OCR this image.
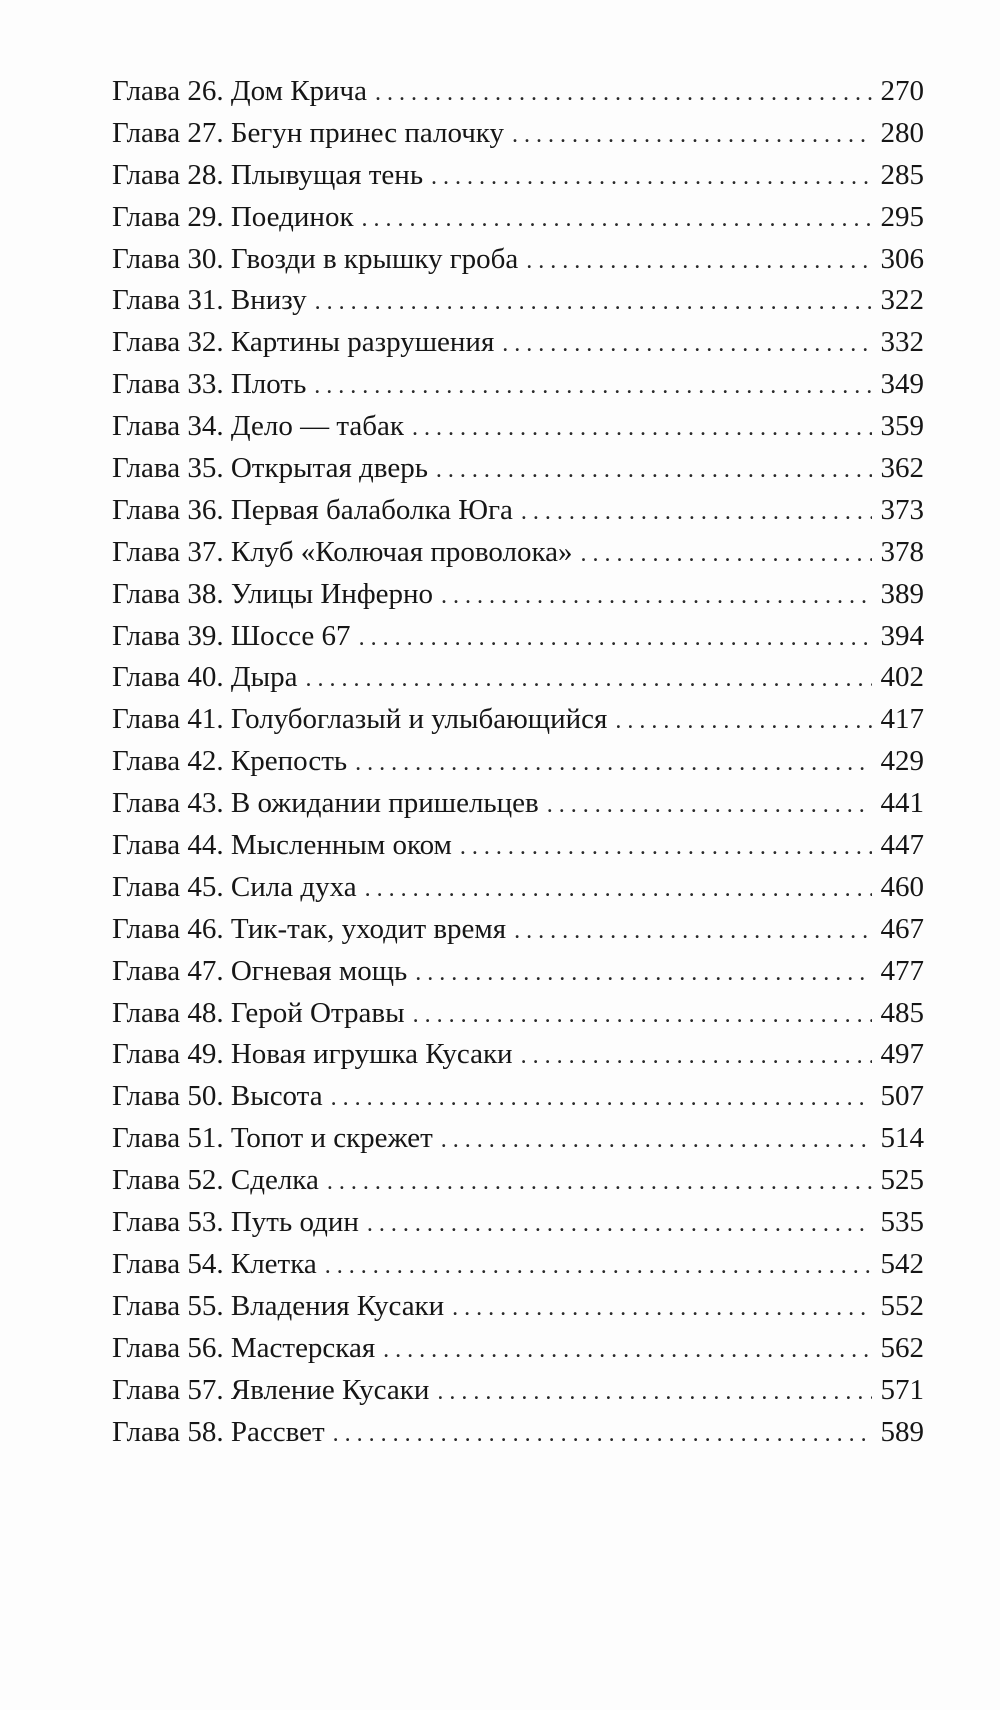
Глава 26. Дом Крича . . .	270
Глава 27. Бегун принес палочку . . .	280
Глава 28. Плывущая тень . . .	285
Глава 29. Поединок . . .	295
Глава 30. Гвозди в крышку гроба . . .	306
Глава 31. Внизу . . .	322
Глава 32. Картины разрушения . . .	332
Глава 33. Плоть . . .	349
Глава 34. Дело — табак . . .	359
Глава 35. Открытая дверь . . .	362
Глава 36. Первая балаболка Юга . . .	373
Глава 37. Клуб «Колючая проволока» . . .	378
Глава 38. Улицы Инферно . . .	389
Глава 39. Шоссе 67 . . .	394
Глава 40. Дыра . . .	402
Глава 41. Голубоглазый и улыбающийся . . .	417
Глава 42. Крепость . . .	429
Глава 43. В ожидании пришельцев . . .	441
Глава 44. Мысленным оком . . .	447
Глава 45. Сила духа . . .	460
Глава 46. Тик-так, уходит время . . .	467
Глава 47. Огневая мощь . . .	477
Глава 48. Герой Отравы . . .	485
Глава 49. Новая игрушка Кусаки . . .	497
Глава 50. Высота . . .	507
Глава 51. Топот и скрежет . . .	514
Глава 52. Сделка . . .	525
Глава 53. Путь один . . .	535
Глава 54. Клетка . . .	542
Глава 55. Владения Кусаки . . .	552
Глава 56. Мастерская . . .	562
Глава 57. Явление Кусаки . . .	571
Глава 58. Рассвет . . .	589
